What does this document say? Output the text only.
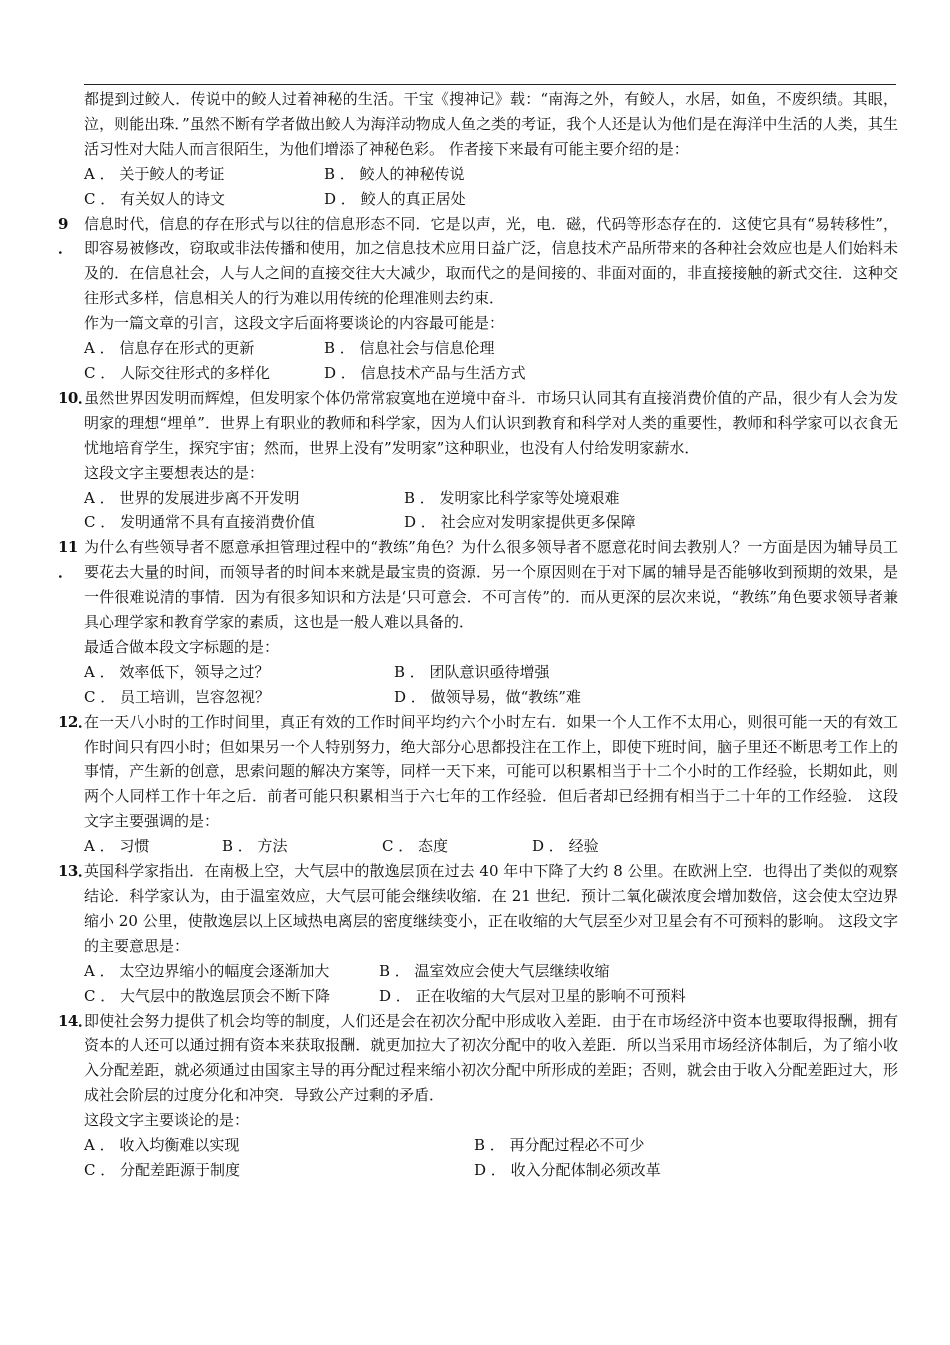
都提到过鲛人．传说中的鲛人过着神秘的生活。干宝《搜神记》载：“南海之外，有鲛人，水居，如鱼，不废织绩。其眼，泣，则能出珠．”虽然不断有学者做出鲛人为海洋动物成人鱼之类的考证，我个人还是认为他们是在海洋中生活的人类，其生活习性对大陆人而言很陌生，为他们增添了神秘色彩。 作者接下来最有可能主要介绍的是：
A ． 关于鲛人的考证	B ． 鲛人的神秘传说
C ． 有关奴人的诗文	D ． 鲛人的真正居处
9 ．
信息时代，信息的存在形式与以往的信息形态不同．它是以声，光，电．磁，代码等形态存在的．这使它具有“易转移性”，即容易被修改，窃取或非法传播和使用，加之信息技术应用日益广泛，信息技术产品所带来的各种社会效应也是人们始料未及的．在信息社会，人与人之间的直接交往大大减少，取而代之的是间接的、非面对面的，非直接接触的新式交往．这种交往形式多样，信息相关人的行为难以用传统的伦理准则去约束．
作为一篇文章的引言，这段文字后面将要谈论的内容最可能是：
A ． 信息存在形式的更新	B ． 信息社会与信息伦理
C ． 人际交往形式的多样化	D ． 信息技术产品与生活方式
10．
虽然世界因发明而辉煌，但发明家个体仍常常寂寞地在逆境中奋斗．市场只认同其有直接消费价值的产品，很少有人会为发明家的理想“埋单”．世界上有职业的教师和科学家，因为人们认识到教育和科学对人类的重要性，教师和科学家可以衣食无忧地培育学生，探究宇宙；然而，世界上没有”发明家”这种职业，也没有人付给发明家薪水．
这段文字主要想表达的是：
A ． 世界的发展进步离不开发明	B ． 发明家比科学家等处境艰难
C ． 发明通常不具有直接消费价值	D ． 社会应对发明家提供更多保障
11 ．
为什么有些领导者不愿意承担管理过程中的“教练”角色？为什么很多领导者不愿意花时间去教别人？一方面是因为辅导员工要花去大量的时间，而领导者的时间本来就是最宝贵的资源．另一个原因则在于对下属的辅导是否能够收到预期的效果，是一件很难说清的事情．因为有很多知识和方法是‘只可意会．不可言传”的．而从更深的层次来说，“教练”角色要求领导者兼具心理学家和教育学家的素质，这也是一般人难以具备的．
最适合做本段文字标题的是：
A ． 效率低下，领导之过？	B ． 团队意识亟待增强
C ． 员工培训，岂容忽视？	D ． 做领导易，做“教练”难
12．
在一天八小时的工作时间里，真正有效的工作时间平均约六个小时左右．如果一个人工作不太用心，则很可能一天的有效工作时间只有四小时；但如果另一个人特别努力，绝大部分心思都投注在工作上，即使下班时间，脑子里还不断思考工作上的事情，产生新的创意，思索问题的解决方案等，同样一天下来，可能可以积累相当于十二个小时的工作经验，长期如此，则两个人同样工作十年之后．前者可能只积累相当于六七年的工作经验．但后者却已经拥有相当于二十年的工作经验． 这段文字主要强调的是：
A ． 习惯	B ． 方法	C ． 态度	D ． 经验
13．
英国科学家指出．在南极上空，大气层中的散逸层顶在过去 40 年中下降了大约 8 公里。在欧洲上空．也得出了类似的观察结论．科学家认为，由于温室效应，大气层可能会继续收缩．在 21 世纪．预计二氧化碳浓度会增加数倍，这会使太空边界缩小 20 公里，使散逸层以上区域热电离层的密度继续变小，正在收缩的大气层至少对卫星会有不可预料的影响。 这段文字的主要意思是：
A ． 太空边界缩小的幅度会逐渐加大	B ． 温室效应会使大气层继续收缩
C ． 大气层中的散逸层顶会不断下降	D ． 正在收缩的大气层对卫星的影响不可预料
14．
即使社会努力提供了机会均等的制度，人们还是会在初次分配中形成收入差距．由于在市场经济中资本也要取得报酬，拥有资本的人还可以通过拥有资本来获取报酬．就更加拉大了初次分配中的收入差距．所以当采用市场经济体制后，为了缩小收入分配差距，就必须通过由国家主导的再分配过程来缩小初次分配中所形成的差距；否则，就会由于收入分配差距过大，形成社会阶层的过度分化和冲突．导致公产过剩的矛盾．
这段文字主要谈论的是：
A ． 收入均衡难以实现	B ． 再分配过程必不可少
C ． 分配差距源于制度	D ． 收入分配体制必须改革
